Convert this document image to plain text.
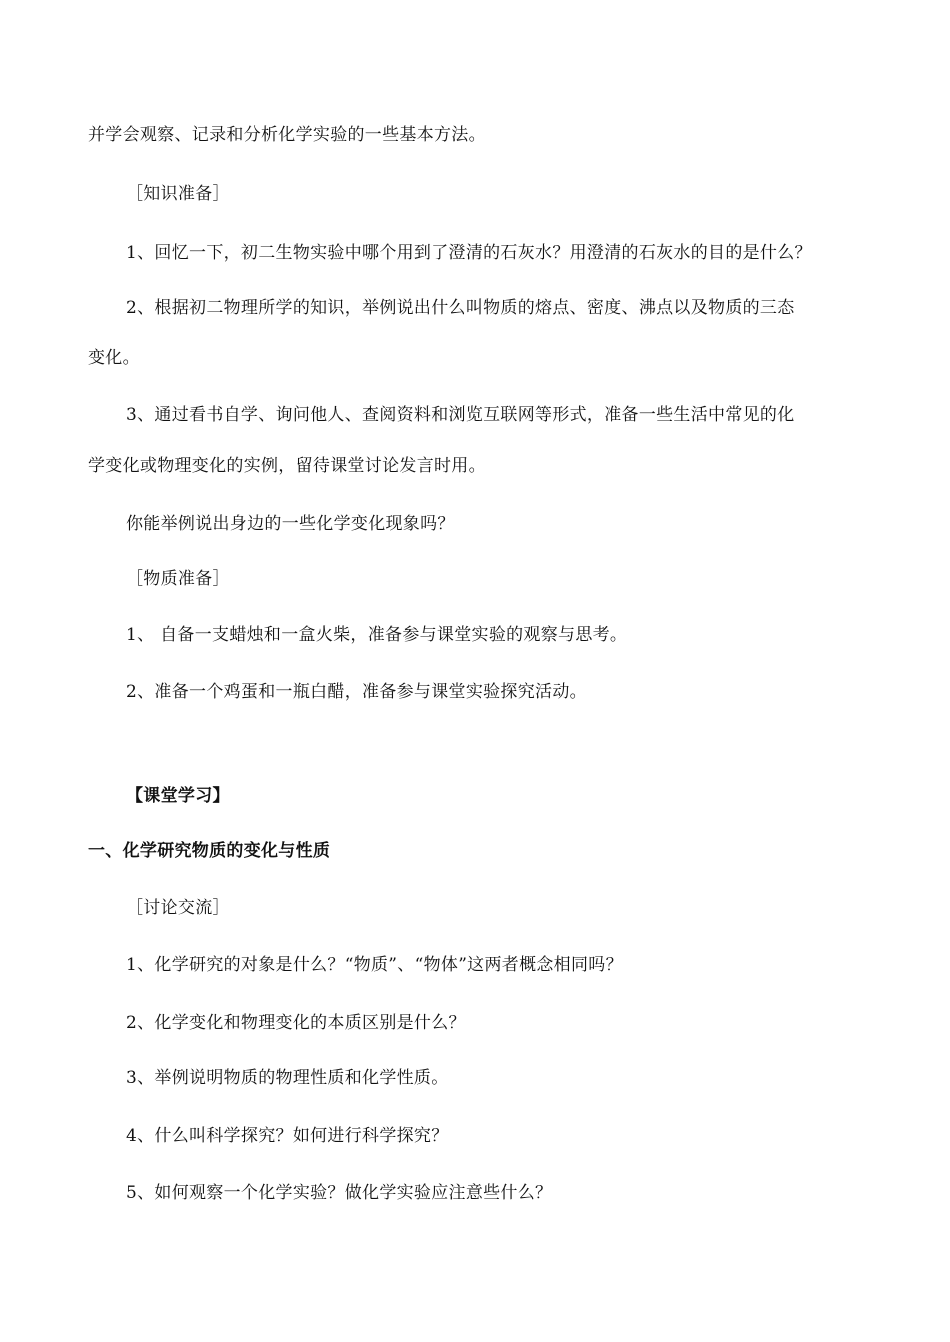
并学会观察、记录和分析化学实验的一些基本方法。
［知识准备］
1、回忆一下，初二生物实验中哪个用到了澄清的石灰水？用澄清的石灰水的目的是什么？
2、根据初二物理所学的知识，举例说出什么叫物质的熔点、密度、沸点以及物质的三态
变化。
3、通过看书自学、询问他人、查阅资料和浏览互联网等形式，准备一些生活中常见的化
学变化或物理变化的实例，留待课堂讨论发言时用。
你能举例说出身边的一些化学变化现象吗？
［物质准备］
1、 自备一支蜡烛和一盒火柴，准备参与课堂实验的观察与思考。
2、准备一个鸡蛋和一瓶白醋，准备参与课堂实验探究活动。
【课堂学习】
一、化学研究物质的变化与性质
［讨论交流］
1、化学研究的对象是什么？“物质”、“物体”这两者概念相同吗？
2、化学变化和物理变化的本质区别是什么？
3、举例说明物质的物理性质和化学性质。
4、什么叫科学探究？如何进行科学探究？
5、如何观察一个化学实验？做化学实验应注意些什么？
